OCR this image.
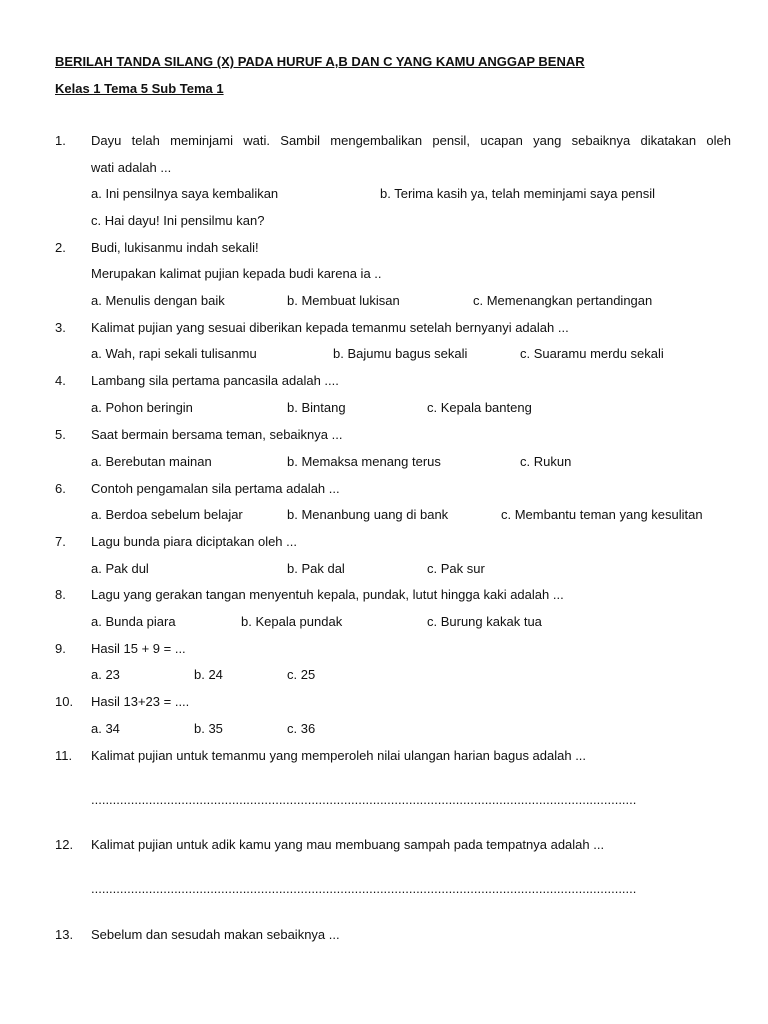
BERILAH TANDA SILANG (X) PADA HURUF A,B DAN C YANG KAMU ANGGAP BENAR
Kelas 1 Tema 5 Sub Tema 1
1. Dayu telah meminjami wati. Sambil mengembalikan pensil, ucapan yang sebaiknya dikatakan oleh
wati adalah ...
a. Ini pensilnya saya kembalikan	b. Terima kasih ya, telah meminjami saya pensil
c. Hai dayu! Ini pensilmu kan?
2. Budi, lukisanmu indah sekali!
Merupakan kalimat pujian kepada budi karena ia ..
a. Menulis dengan baik	b. Membuat lukisan	c. Memenangkan pertandingan
3. Kalimat pujian yang sesuai diberikan kepada temanmu setelah bernyanyi adalah ...
a. Wah, rapi sekali tulisanmu	b. Bajumu bagus sekali	c. Suaramu merdu sekali
4. Lambang sila pertama pancasila adalah ....
a. Pohon beringin	b. Bintang	c. Kepala banteng
5. Saat bermain bersama teman, sebaiknya ...
a. Berebutan mainan	b. Memaksa menang terus	c. Rukun
6. Contoh pengamalan sila pertama adalah ...
a. Berdoa sebelum belajar	b. Menanbung uang di bank	c. Membantu teman yang kesulitan
7. Lagu bunda piara diciptakan oleh ...
a. Pak dul	b. Pak dal	c. Pak sur
8. Lagu yang gerakan tangan menyentuh kepala, pundak, lutut hingga kaki adalah ...
a. Bunda piara	b. Kepala pundak	c. Burung kakak tua
9. Hasil 15 + 9 = ...
a. 23	b. 24	c. 25
10. Hasil 13+23 = ....
a. 34	b. 35	c. 36
11. Kalimat pujian untuk temanmu yang memperoleh nilai ulangan harian bagus adalah ...
.......................................................................................................................................................
12. Kalimat pujian untuk adik kamu yang mau membuang sampah pada tempatnya adalah ...
.......................................................................................................................................................
13. Sebelum dan sesudah makan sebaiknya ...
